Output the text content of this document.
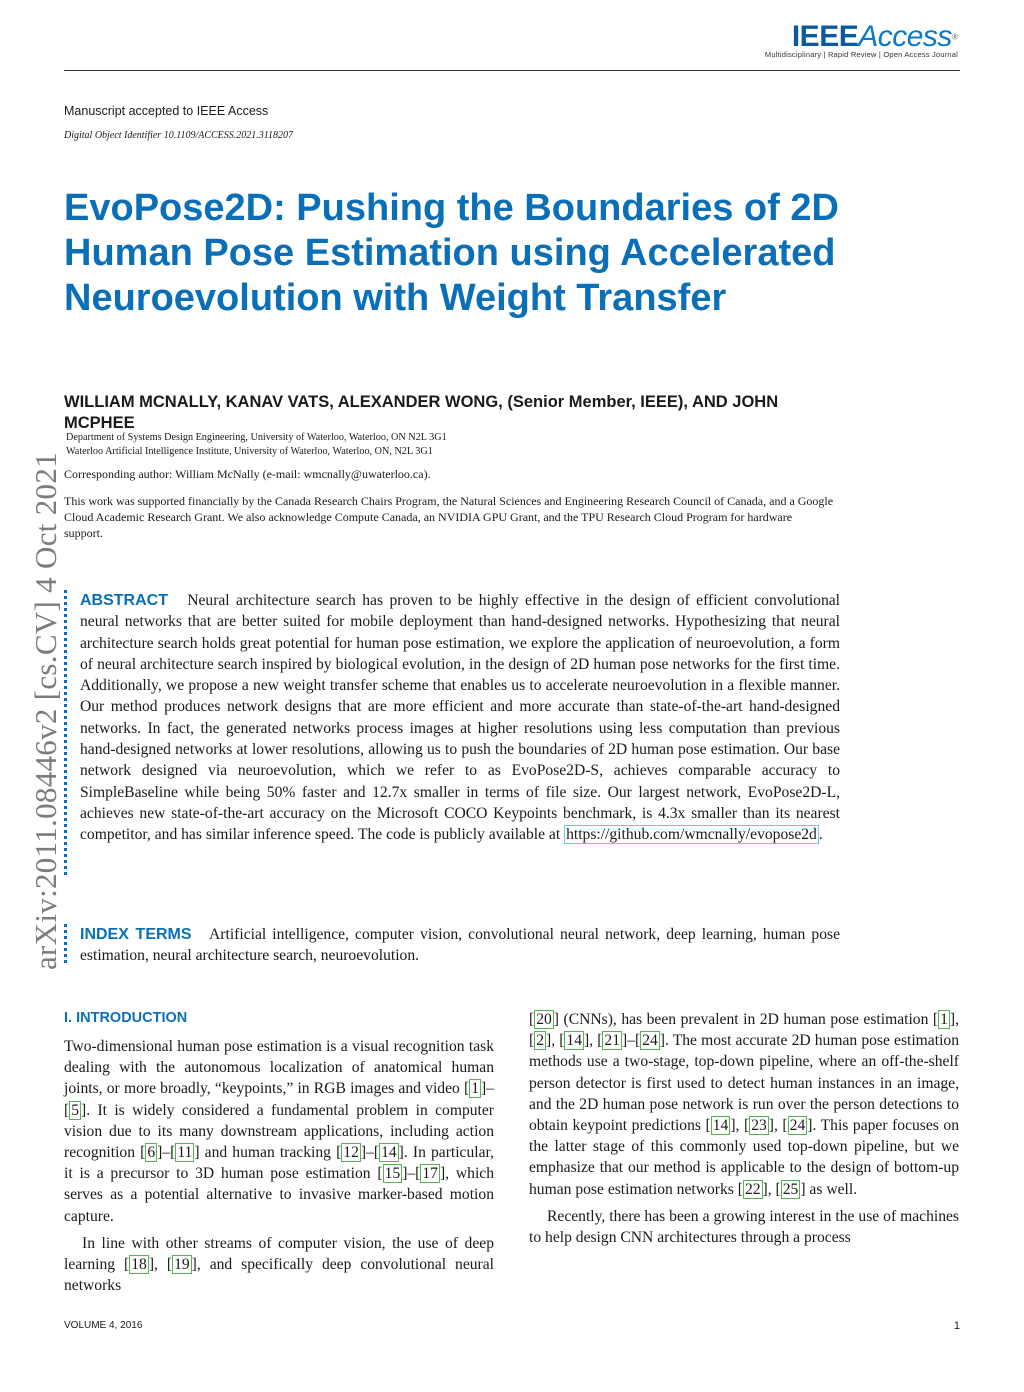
IEEEAccess®
Multidisciplinary | Rapid Review | Open Access Journal
Manuscript accepted to IEEE Access
Digital Object Identifier 10.1109/ACCESS.2021.3118207
EvoPose2D: Pushing the Boundaries of 2D Human Pose Estimation using Accelerated Neuroevolution with Weight Transfer
WILLIAM MCNALLY, KANAV VATS, ALEXANDER WONG, (Senior Member, IEEE), AND JOHN MCPHEE
Department of Systems Design Engineering, University of Waterloo, Waterloo, ON N2L 3G1
Waterloo Artificial Intelligence Institute, University of Waterloo, Waterloo, ON, N2L 3G1
Corresponding author: William McNally (e-mail: wmcnally@uwaterloo.ca).
This work was supported financially by the Canada Research Chairs Program, the Natural Sciences and Engineering Research Council of Canada, and a Google Cloud Academic Research Grant. We also acknowledge Compute Canada, an NVIDIA GPU Grant, and the TPU Research Cloud Program for hardware support.
arXiv:2011.08446v2 [cs.CV] 4 Oct 2021 ABSTRACT Neural architecture search has proven to be highly effective in the design of efficient convolutional neural networks that are better suited for mobile deployment than hand-designed networks. Hypothesizing that neural architecture search holds great potential for human pose estimation, we explore the application of neuroevolution, a form of neural architecture search inspired by biological evolution, in the design of 2D human pose networks for the first time. Additionally, we propose a new weight transfer scheme that enables us to accelerate neuroevolution in a flexible manner. Our method produces network designs that are more efficient and more accurate than state-of-the-art hand-designed networks. In fact, the generated networks process images at higher resolutions using less computation than previous hand-designed networks at lower resolutions, allowing us to push the boundaries of 2D human pose estimation. Our base network designed via neuroevolution, which we refer to as EvoPose2D-S, achieves comparable accuracy to SimpleBaseline while being 50% faster and 12.7x smaller in terms of file size. Our largest network, EvoPose2D-L, achieves new state-of-the-art accuracy on the Microsoft COCO Keypoints benchmark, is 4.3x smaller than its nearest competitor, and has similar inference speed. The code is publicly available at https://github.com/wmcnally/evopose2d .
INDEX TERMS Artificial intelligence, computer vision, convolutional neural network, deep learning, human pose estimation, neural architecture search, neuroevolution.
I. INTRODUCTION

Two-dimensional human pose estimation is a visual recognition task dealing with the autonomous localization of anatomical human joints, or more broadly, “keypoints,” in RGB images and video [ 1 ]–[ 5 ]. It is widely considered a fundamental problem in computer vision due to its many downstream applications, including action recognition [ 6 ]–[ 11 ] and human tracking [ 12 ]–[ 14 ]. In particular, it is a precursor to 3D human pose estimation [ 15 ]–[ 17 ], which serves as a potential alternative to invasive marker-based motion capture.

In line with other streams of computer vision, the use of deep learning [ 18 ], [ 19 ], and specifically deep convolutional neural networks

[ 20 ] (CNNs), has been prevalent in 2D human pose estimation [ 1 ], [ 2 ], [ 14 ], [ 21 ]–[ 24 ]. The most accurate 2D human pose estimation methods use a two-stage, top-down pipeline, where an off-the-shelf person detector is first used to detect human instances in an image, and the 2D human pose network is run over the person detections to obtain keypoint predictions [ 14 ], [ 23 ], [ 24 ]. This paper focuses on the latter stage of this commonly used top-down pipeline, but we emphasize that our method is applicable to the design of bottom-up human pose estimation networks [ 22 ], [ 25 ] as well.

Recently, there has been a growing interest in the use of machines to help design CNN architectures through a process

VOLUME 4, 2016	1
